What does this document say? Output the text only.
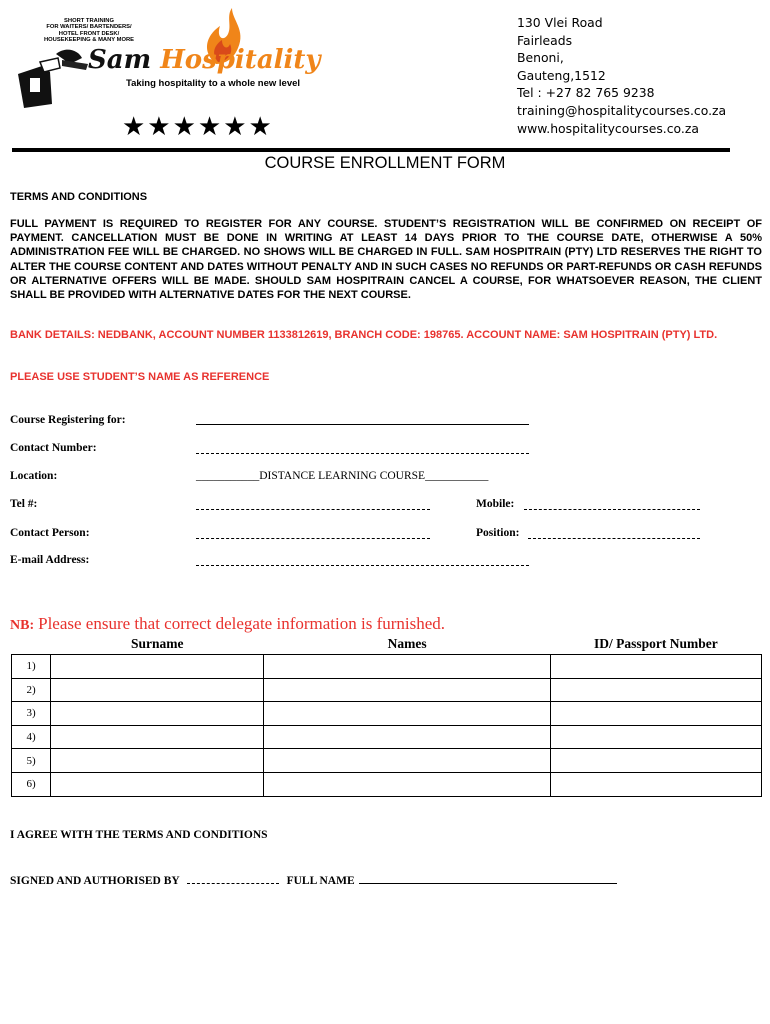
SHORT TRAINING
FOR WAITERS/ BARTENDERS/
HOTEL FRONT DESK/
HOUSEKEEPING & MANY MORE
Sam Hospitality
Taking hospitality to a whole new level
★★★★★★
130 Vlei Road
Fairleads
Benoni,
Gauteng,1512
Tel : +27 82 765 9238
training@hospitalitycourses.co.za
www.hospitalitycourses.co.za
COURSE ENROLLMENT FORM
TERMS AND CONDITIONS
FULL PAYMENT IS REQUIRED TO REGISTER FOR ANY COURSE. STUDENT’S REGISTRATION WILL BE CONFIRMED ON RECEIPT OF PAYMENT. CANCELLATION MUST BE DONE IN WRITING AT LEAST 14 DAYS PRIOR TO THE COURSE DATE, OTHERWISE A 50% ADMINISTRATION FEE WILL BE CHARGED. NO SHOWS WILL BE CHARGED IN FULL. SAM HOSPITRAIN (PTY) LTD RESERVES THE RIGHT TO ALTER THE COURSE CONTENT AND DATES WITHOUT PENALTY AND IN SUCH CASES NO REFUNDS OR PART-REFUNDS OR CASH REFUNDS OR ALTERNATIVE OFFERS WILL BE MADE. SHOULD SAM HOSPITRAIN CANCEL A COURSE, FOR WHATSOEVER REASON, THE CLIENT SHALL BE PROVIDED WITH ALTERNATIVE DATES FOR THE NEXT COURSE.
BANK DETAILS: NEDBANK, ACCOUNT NUMBER 1133812619, BRANCH CODE: 198765. ACCOUNT NAME: SAM HOSPITRAIN (PTY) LTD.
PLEASE USE STUDENT’S NAME AS REFERENCE
Course Registering for:
Contact Number:
Location:	___________DISTANCE LEARNING COURSE___________
Tel #:	Mobile:
Contact Person:	Position:
E-mail Address:
NB: Please ensure that correct delegate information is furnished.
	Surname	Names	ID/ Passport Number
1)			
2)			
3)			
4)			
5)			
6)			
I AGREE WITH THE TERMS AND CONDITIONS
SIGNED AND AUTHORISED BY	FULL NAME
